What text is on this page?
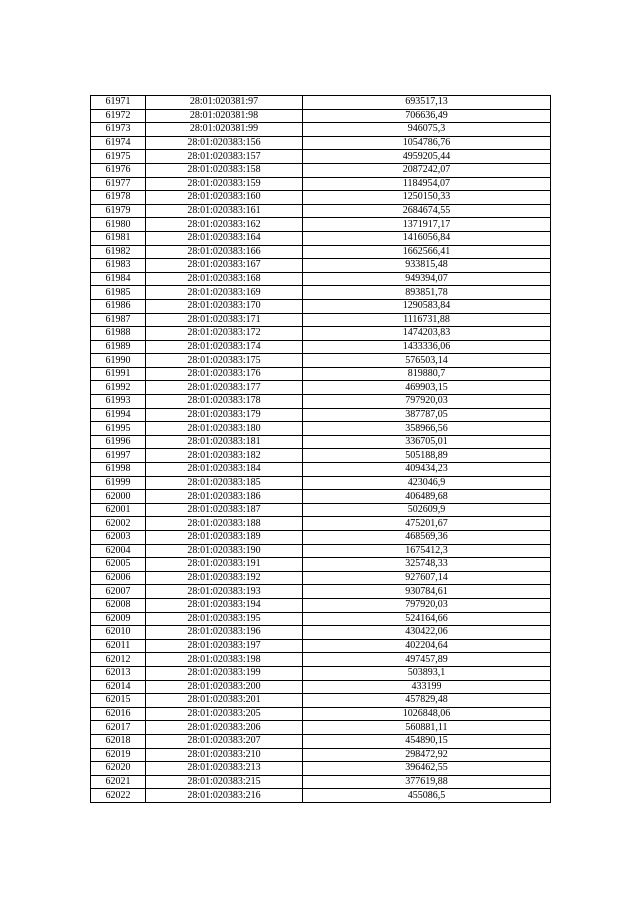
61971	28:01:020381:97	693517,13
61972	28:01:020381:98	706636,49
61973	28:01:020381:99	946075,3
61974	28:01:020383:156	1054786,76
61975	28:01:020383:157	4959205,44
61976	28:01:020383:158	2087242,07
61977	28:01:020383:159	1184954,07
61978	28:01:020383:160	1250150,33
61979	28:01:020383:161	2684674,55
61980	28:01:020383:162	1371917,17
61981	28:01:020383:164	1416056,84
61982	28:01:020383:166	1662566,41
61983	28:01:020383:167	933815,48
61984	28:01:020383:168	949394,07
61985	28:01:020383:169	893851,78
61986	28:01:020383:170	1290583,84
61987	28:01:020383:171	1116731,88
61988	28:01:020383:172	1474203,83
61989	28:01:020383:174	1433336,06
61990	28:01:020383:175	576503,14
61991	28:01:020383:176	819880,7
61992	28:01:020383:177	469903,15
61993	28:01:020383:178	797920,03
61994	28:01:020383:179	387787,05
61995	28:01:020383:180	358966,56
61996	28:01:020383:181	336705,01
61997	28:01:020383:182	505188,89
61998	28:01:020383:184	409434,23
61999	28:01:020383:185	423046,9
62000	28:01:020383:186	406489,68
62001	28:01:020383:187	502609,9
62002	28:01:020383:188	475201,67
62003	28:01:020383:189	468569,36
62004	28:01:020383:190	1675412,3
62005	28:01:020383:191	325748,33
62006	28:01:020383:192	927607,14
62007	28:01:020383:193	930784,61
62008	28:01:020383:194	797920,03
62009	28:01:020383:195	524164,66
62010	28:01:020383:196	430422,06
62011	28:01:020383:197	402204,64
62012	28:01:020383:198	497457,89
62013	28:01:020383:199	503893,1
62014	28:01:020383:200	433199
62015	28:01:020383:201	457829,48
62016	28:01:020383:205	1026848,06
62017	28:01:020383:206	560881,11
62018	28:01:020383:207	454890,15
62019	28:01:020383:210	298472,92
62020	28:01:020383:213	396462,55
62021	28:01:020383:215	377619,88
62022	28:01:020383:216	455086,5
